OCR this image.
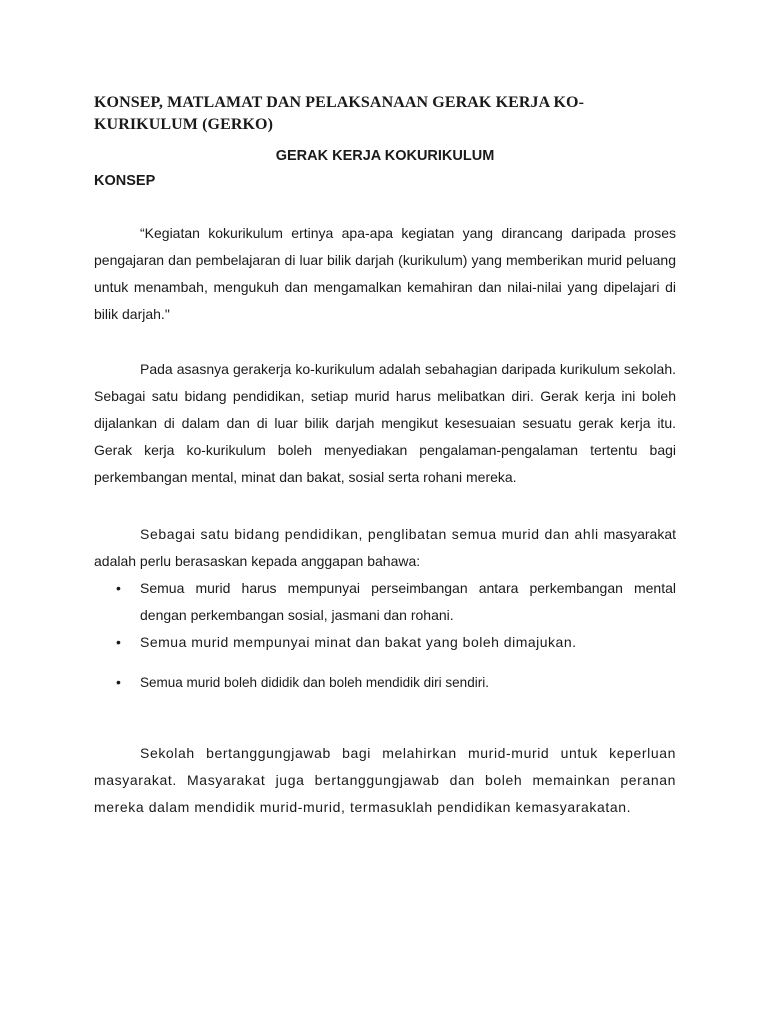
KONSEP, MATLAMAT DAN PELAKSANAAN GERAK KERJA KO-KURIKULUM (GERKO)
GERAK KERJA KOKURIKULUM
KONSEP

“Kegiatan kokurikulum ertinya apa-apa kegiatan yang dirancang daripada proses pengajaran dan pembelajaran di luar bilik darjah (kurikulum) yang memberikan murid peluang untuk menambah, mengukuh dan mengamalkan kemahiran dan nilai-nilai yang dipelajari di bilik darjah."

Pada asasnya gerakerja ko-kurikulum adalah sebahagian daripada kurikulum sekolah. Sebagai satu bidang pendidikan, setiap murid harus melibatkan diri. Gerak kerja ini boleh dijalankan di dalam dan di luar bilik darjah mengikut kesesuaian sesuatu gerak kerja itu. Gerak kerja ko-kurikulum boleh menyediakan pengalaman-pengalaman tertentu bagi perkembangan mental, minat dan bakat, sosial serta rohani mereka.

Sebagai satu bidang pendidikan, penglibatan semua murid dan ahli masyarakat adalah perlu berasaskan kepada anggapan bahawa:

• Semua murid harus mempunyai perseimbangan antara perkembangan mental dengan perkembangan sosial, jasmani dan rohani.
• Semua murid mempunyai minat dan bakat yang boleh dimajukan.
• Semua murid boleh dididik dan boleh mendidik diri sendiri.

Sekolah bertanggungjawab bagi melahirkan murid-murid untuk keperluan masyarakat. Masyarakat juga bertanggungjawab dan boleh memainkan peranan mereka dalam mendidik murid-murid, termasuklah pendidikan kemasyarakatan.
